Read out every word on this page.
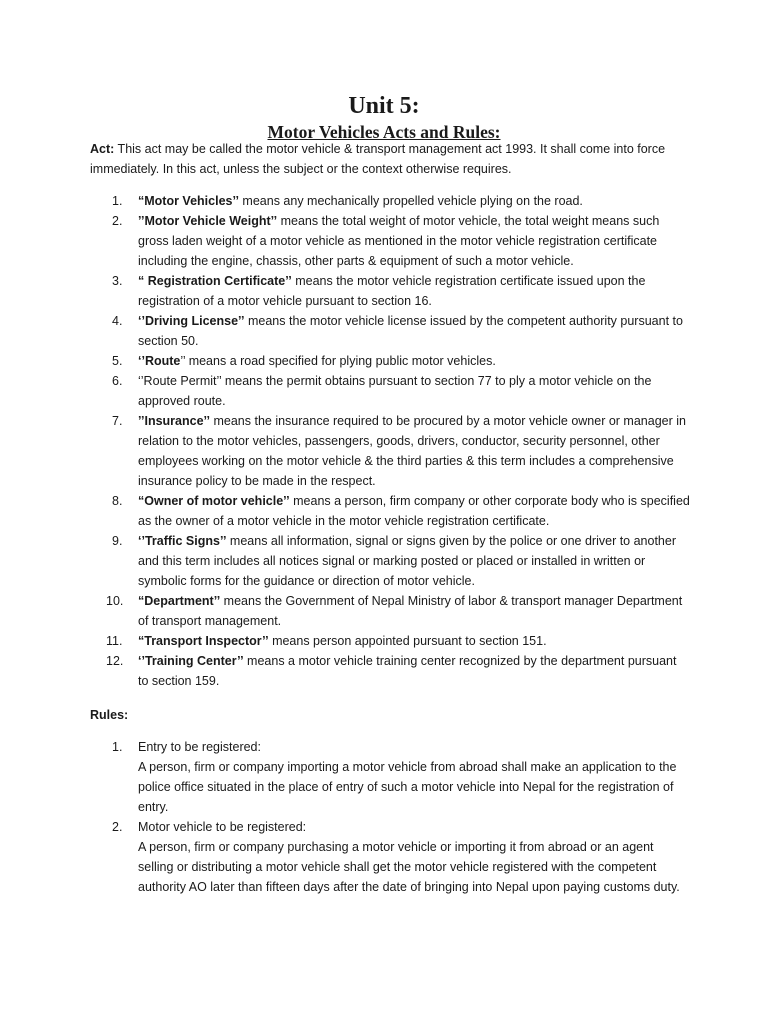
Unit 5:
Motor Vehicles Acts and Rules:

Act: This act may be called the motor vehicle & transport management act 1993. It shall come into force immediately. In this act, unless the subject or the context otherwise requires.

1.	“Motor Vehicles’’ means any mechanically propelled vehicle plying on the road.
2.	’’Motor Vehicle Weight’’ means the total weight of motor vehicle, the total weight means such gross laden weight of a motor vehicle as mentioned in the motor vehicle registration certificate including the engine, chassis, other parts & equipment of such a motor vehicle.
3.	“ Registration Certificate’’ means the motor vehicle registration certificate issued upon the registration of a motor vehicle pursuant to section 16.
4.	‘’Driving License’’ means the motor vehicle license issued by the competent authority pursuant to section 50.
5.	‘’Route’’ means a road specified for plying public motor vehicles.
6.	‘’Route Permit’’ means the permit obtains pursuant to section 77 to ply a motor vehicle on the approved route.
7.	’’Insurance’’ means the insurance required to be procured by a motor vehicle owner or manager in relation to the motor vehicles, passengers, goods, drivers, conductor, security personnel, other employees working on the motor vehicle & the third parties & this term includes a comprehensive insurance policy to be made in the respect.
8.	“Owner of motor vehicle’’ means a person, firm company or other corporate body who is specified as the owner of a motor vehicle in the motor vehicle registration certificate.
9.	‘’Traffic Signs’’ means all information, signal or signs given by the police or one driver to another and this term includes all notices signal or marking posted or placed or installed in written or symbolic forms for the guidance or direction of motor vehicle.
10. “Department’’ means the Government of Nepal Ministry of labor & transport manager Department of transport management.
11. “Transport Inspector’’ means person appointed pursuant to section 151.
12. ‘’Training Center’’ means a motor vehicle training center recognized by the department pursuant to section 159.

Rules:

1.	Entry to be registered:
A person, firm or company importing a motor vehicle from abroad shall make an application to the police office situated in the place of entry of such a motor vehicle into Nepal for the registration of entry.
2.	Motor vehicle to be registered:
A person, firm or company purchasing a motor vehicle or importing it from abroad or an agent selling or distributing a motor vehicle shall get the motor vehicle registered with the competent authority AO later than fifteen days after the date of bringing into Nepal upon paying customs duty.
